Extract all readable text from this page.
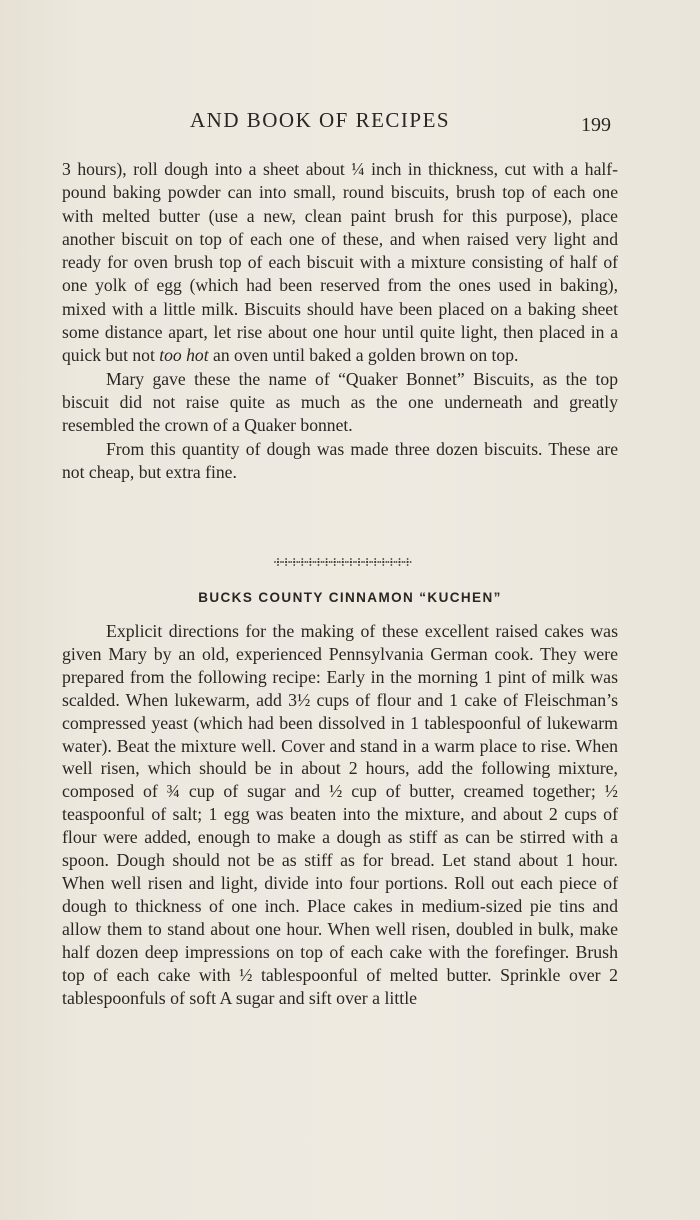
AND BOOK OF RECIPES	199

3 hours), roll dough into a sheet about ¼ inch in thickness, cut with a half-pound baking powder can into small, round biscuits, brush top of each one with melted butter (use a new, clean paint brush for this purpose), place another biscuit on top of each one of these, and when raised very light and ready for oven brush top of each biscuit with a mixture consisting of half of one yolk of egg (which had been reserved from the ones used in baking), mixed with a little milk. Biscuits should have been placed on a baking sheet some distance apart, let rise about one hour until quite light, then placed in a quick but not too hot an oven until baked a golden brown on top.

Mary gave these the name of “Quaker Bonnet” Biscuits, as the top biscuit did not raise quite as much as the one underneath and greatly resembled the crown of a Quaker bonnet.

From this quantity of dough was made three dozen biscuits. These are not cheap, but extra fine.

BUCKS COUNTY CINNAMON “KUCHEN”

Explicit directions for the making of these excellent raised cakes was given Mary by an old, experienced Pennsylvania German cook. They were prepared from the following recipe: Early in the morning 1 pint of milk was scalded. When lukewarm, add 3½ cups of flour and 1 cake of Fleischman’s compressed yeast (which had been dissolved in 1 tablespoonful of lukewarm water). Beat the mixture well. Cover and stand in a warm place to rise. When well risen, which should be in about 2 hours, add the following mixture, composed of ¾ cup of sugar and ½ cup of butter, creamed together; ½ teaspoonful of salt; 1 egg was beaten into the mixture, and about 2 cups of flour were added, enough to make a dough as stiff as can be stirred with a spoon. Dough should not be as stiff as for bread. Let stand about 1 hour. When well risen and light, divide into four portions. Roll out each piece of dough to thickness of one inch. Place cakes in medium-sized pie tins and allow them to stand about one hour. When well risen, doubled in bulk, make half dozen deep impressions on top of each cake with the forefinger. Brush top of each cake with ½ tablespoonful of melted butter. Sprinkle over 2 tablespoonfuls of soft A sugar and sift over a little
